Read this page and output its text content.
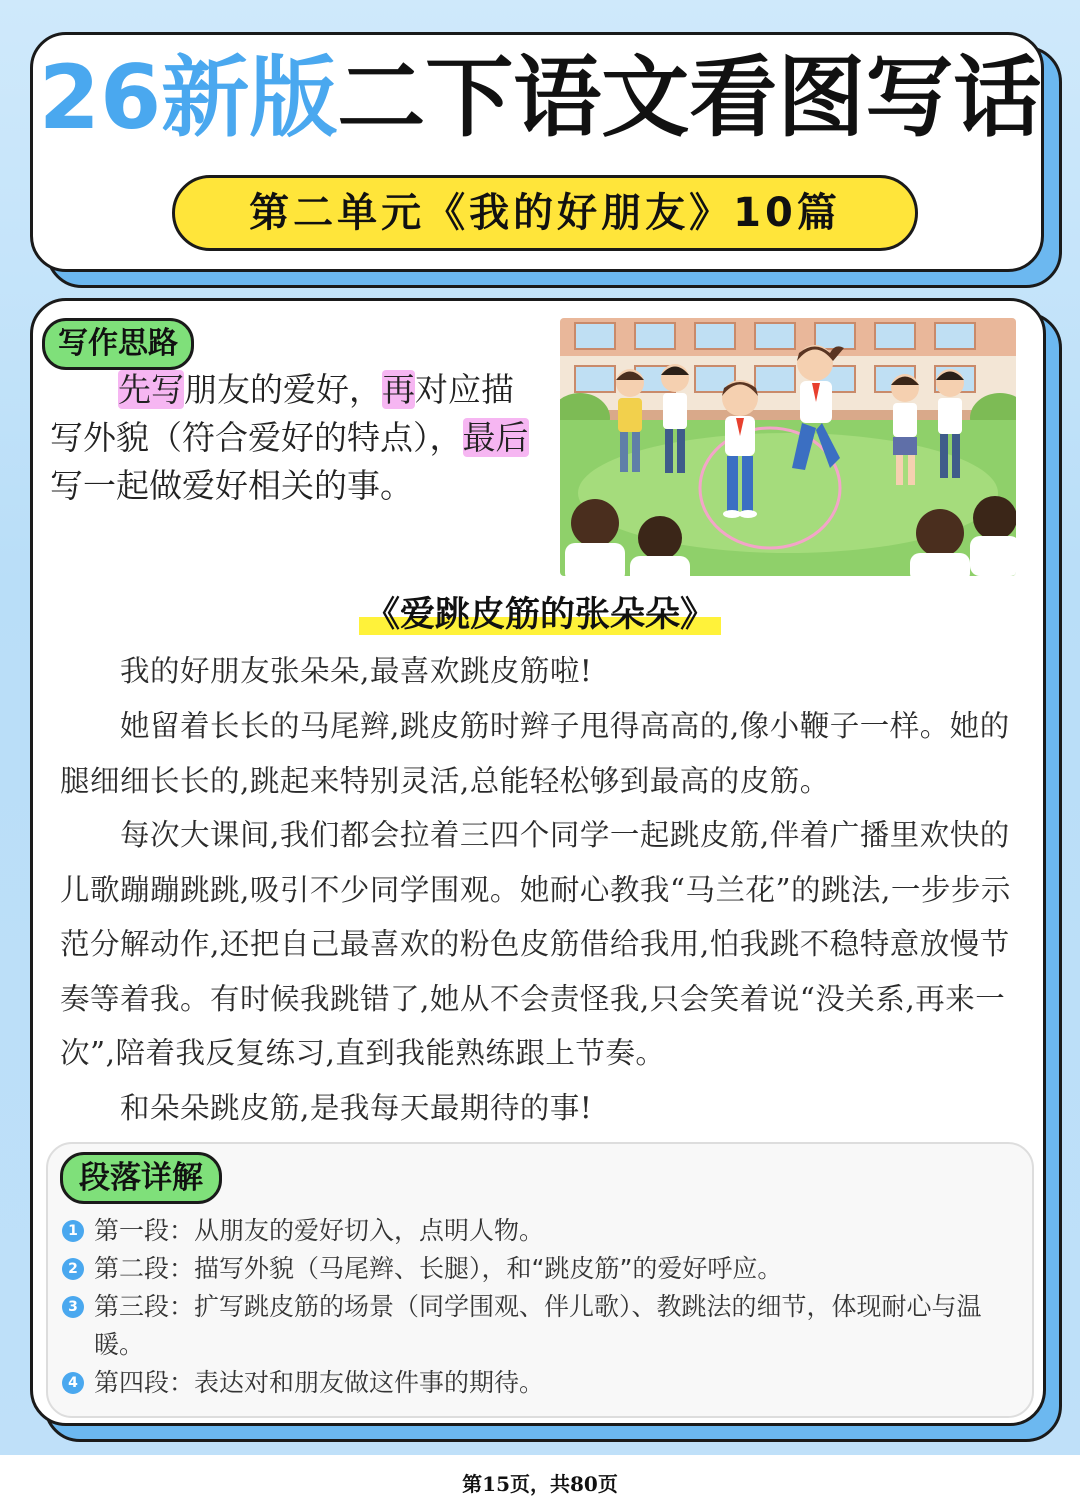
26新版二下语文看图写话
第二单元《我的好朋友》10篇
写作思路
先写朋友的爱好，再对应描写外貌（符合爱好的特点），最后写一起做爱好相关的事。
《爱跳皮筋的张朵朵》

我的好朋友张朵朵,最喜欢跳皮筋啦!

她留着长长的马尾辫,跳皮筋时辫子甩得高高的,像小鞭子一样。她的腿细细长长的,跳起来特别灵活,总能轻松够到最高的皮筋。

每次大课间,我们都会拉着三四个同学一起跳皮筋,伴着广播里欢快的儿歌蹦蹦跳跳,吸引不少同学围观。她耐心教我“马兰花”的跳法,一步步示范分解动作,还把自己最喜欢的粉色皮筋借给我用,怕我跳不稳特意放慢节奏等着我。有时候我跳错了,她从不会责怪我,只会笑着说“没关系,再来一次”,陪着我反复练习,直到我能熟练跟上节奏。

和朵朵跳皮筋,是我每天最期待的事!

段落详解
1 第一段：从朋友的爱好切入，点明人物。
2 第二段：描写外貌（马尾辫、长腿），和“跳皮筋”的爱好呼应。
3 第三段：扩写跳皮筋的场景（同学围观、伴儿歌）、教跳法的细节，体现耐心与温暖。
4 第四段：表达对和朋友做这件事的期待。
第15页，共80页
